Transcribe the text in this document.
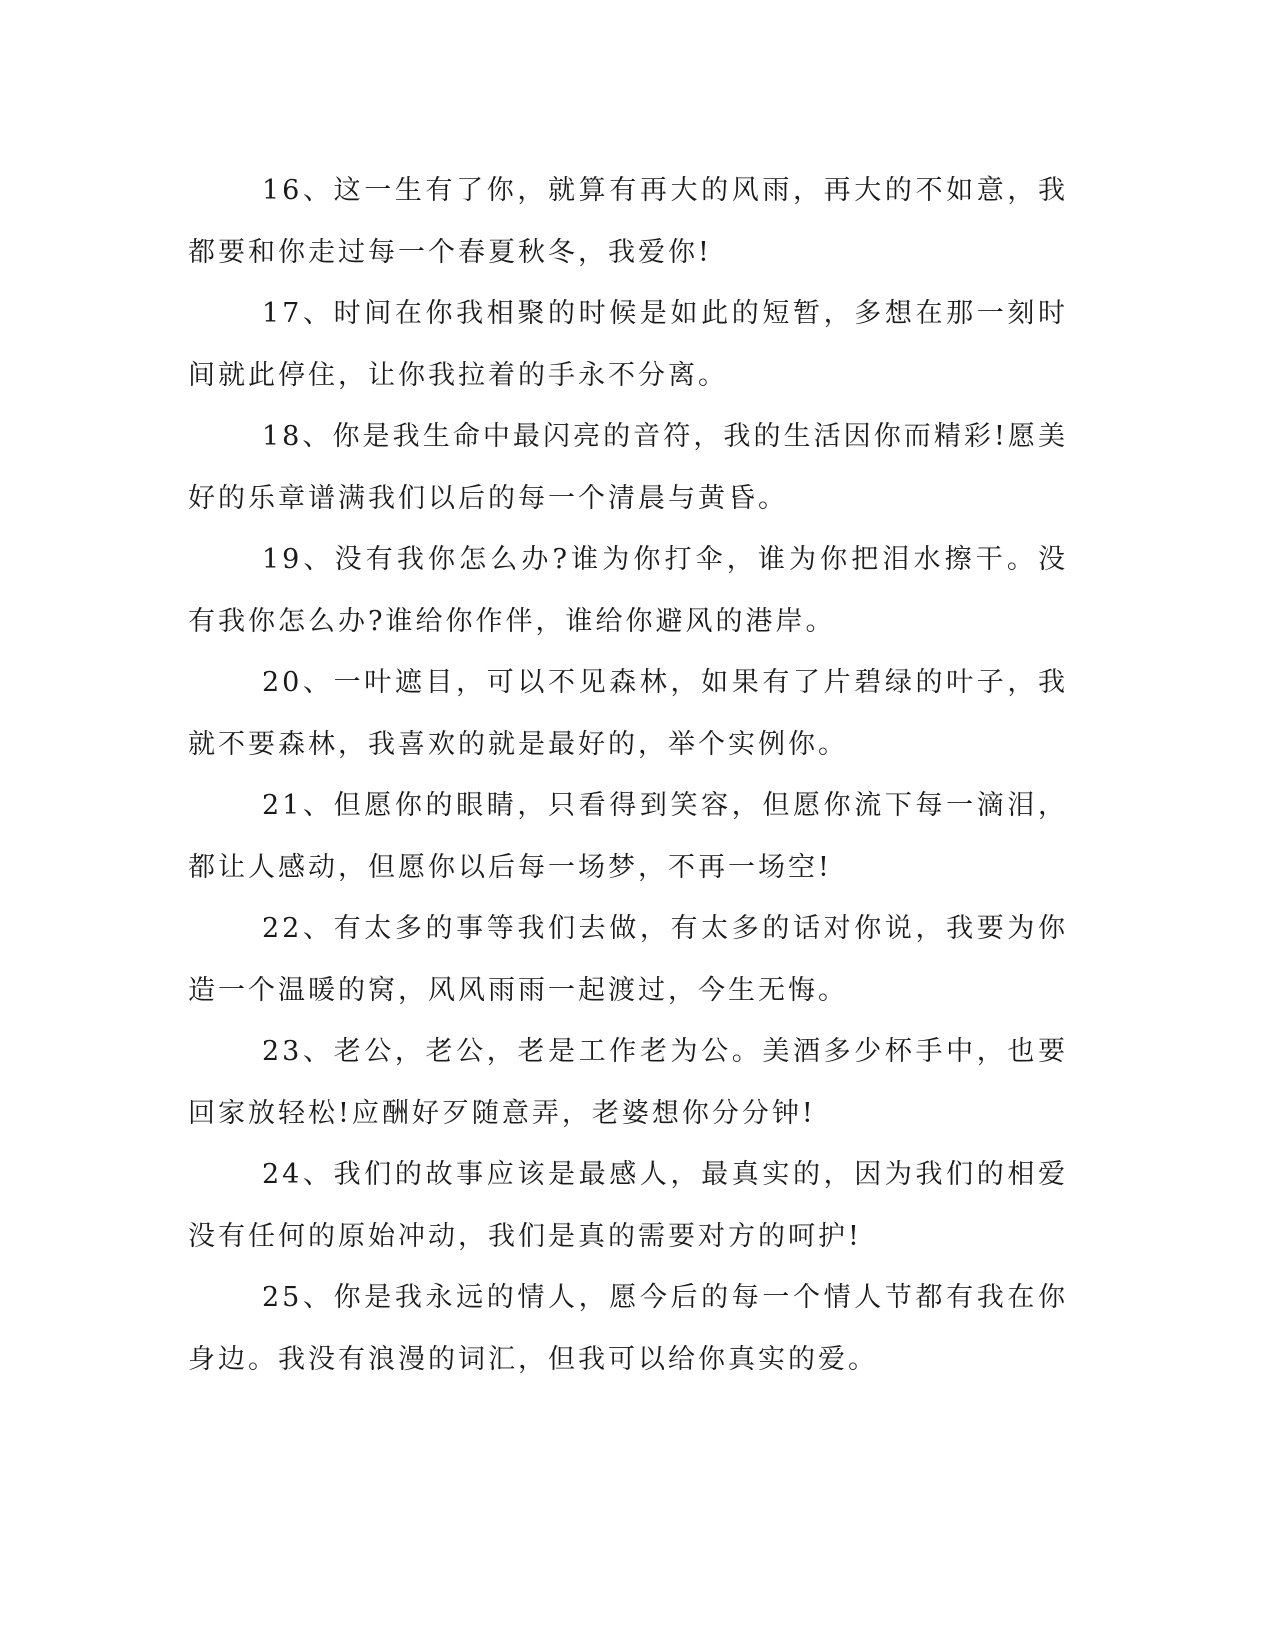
16、这一生有了你，就算有再大的风雨，再大的不如意，我都要和你走过每一个春夏秋冬，我爱你!

17、时间在你我相聚的时候是如此的短暂，多想在那一刻时间就此停住，让你我拉着的手永不分离。

18、你是我生命中最闪亮的音符，我的生活因你而精彩!愿美好的乐章谱满我们以后的每一个清晨与黄昏。

19、没有我你怎么办?谁为你打伞，谁为你把泪水擦干。没有我你怎么办?谁给你作伴，谁给你避风的港岸。

20、一叶遮目，可以不见森林，如果有了片碧绿的叶子，我就不要森林，我喜欢的就是最好的，举个实例你。

21、但愿你的眼睛，只看得到笑容，但愿你流下每一滴泪，都让人感动，但愿你以后每一场梦，不再一场空!

22、有太多的事等我们去做，有太多的话对你说，我要为你造一个温暖的窝，风风雨雨一起渡过，今生无悔。

23、老公，老公，老是工作老为公。美酒多少杯手中，也要回家放轻松!应酬好歹随意弄，老婆想你分分钟!

24、我们的故事应该是最感人，最真实的，因为我们的相爱没有任何的原始冲动，我们是真的需要对方的呵护!

25、你是我永远的情人，愿今后的每一个情人节都有我在你身边。我没有浪漫的词汇，但我可以给你真实的爱。
